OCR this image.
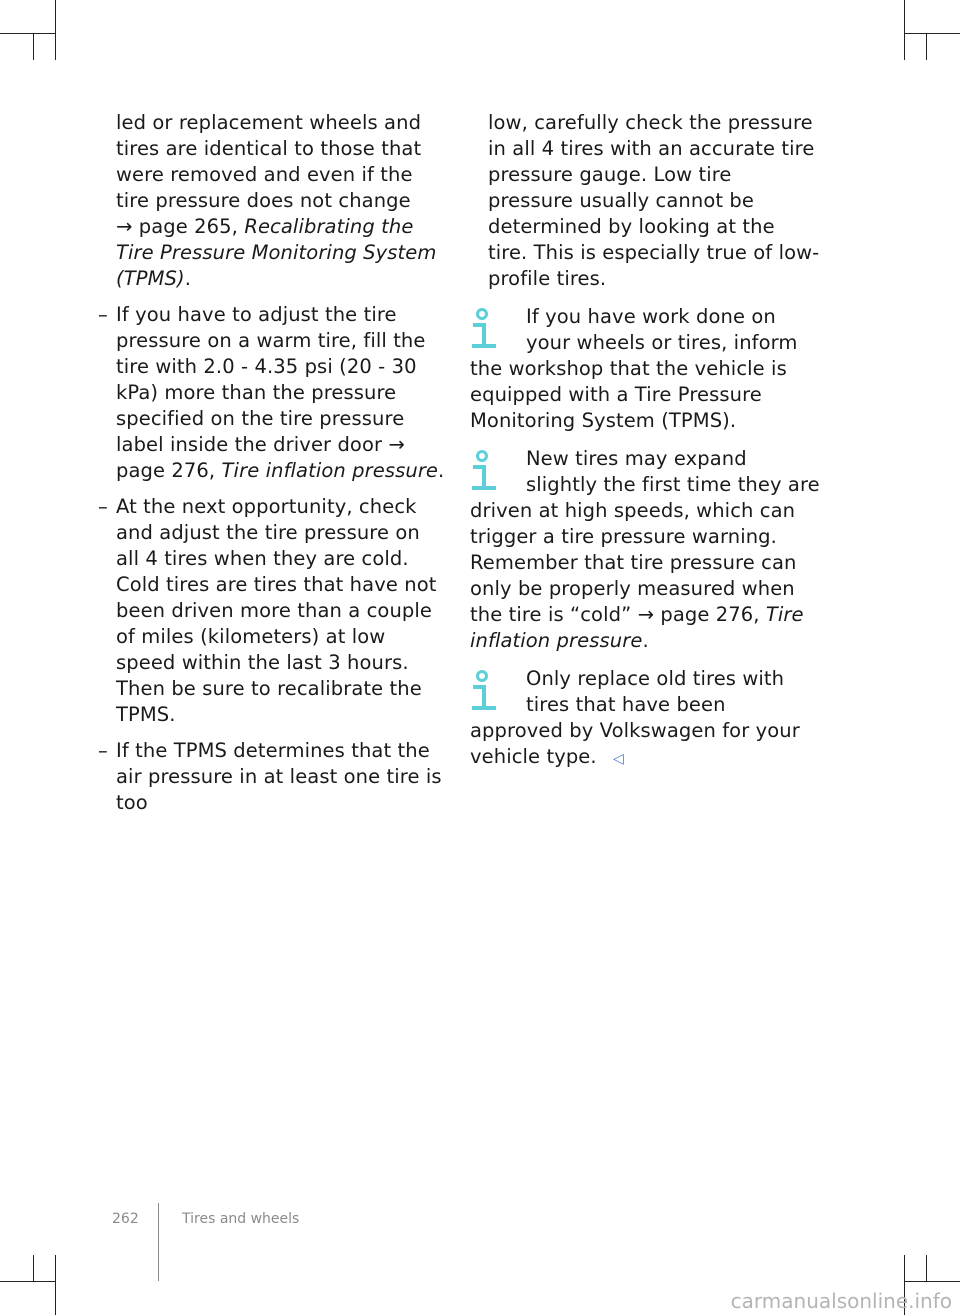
led or replacement wheels and tires are identical to those that were removed and even if the tire pressure does not change
→ page 265, Recalibrating the Tire Pressure Monitoring System (TPMS).

– If you have to adjust the tire pressure on a warm tire, fill the tire with 2.0 - 4.35 psi (20 - 30 kPa) more than the pressure specified on the tire pressure label inside the driver door → page 276, Tire inflation pressure.
– At the next opportunity, check and adjust the tire pressure on all 4 tires when they are cold. Cold tires are tires that have not been driven more than a couple of miles (kilometers) at low speed within the last 3 hours. Then be sure to recalibrate the TPMS.
– If the TPMS determines that the air pressure in at least one tire is too

low, carefully check the pressure in all 4 tires with an accurate tire pressure gauge. Low tire pressure usually cannot be determined by looking at the tire. This is especially true of low-profile tires.

If you have work done on your wheels or tires, inform the workshop that the vehicle is equipped with a Tire Pressure Monitoring System (TPMS).
New tires may expand slightly the first time they are driven at high speeds, which can trigger a tire pressure warning. Remember that tire pressure can only be properly measured when the tire is “cold” → page 276, Tire inflation pressure.
Only replace old tires with tires that have been approved by Volkswagen for your vehicle type. ◁
262	Tires and wheels
carmanualsonline.info
